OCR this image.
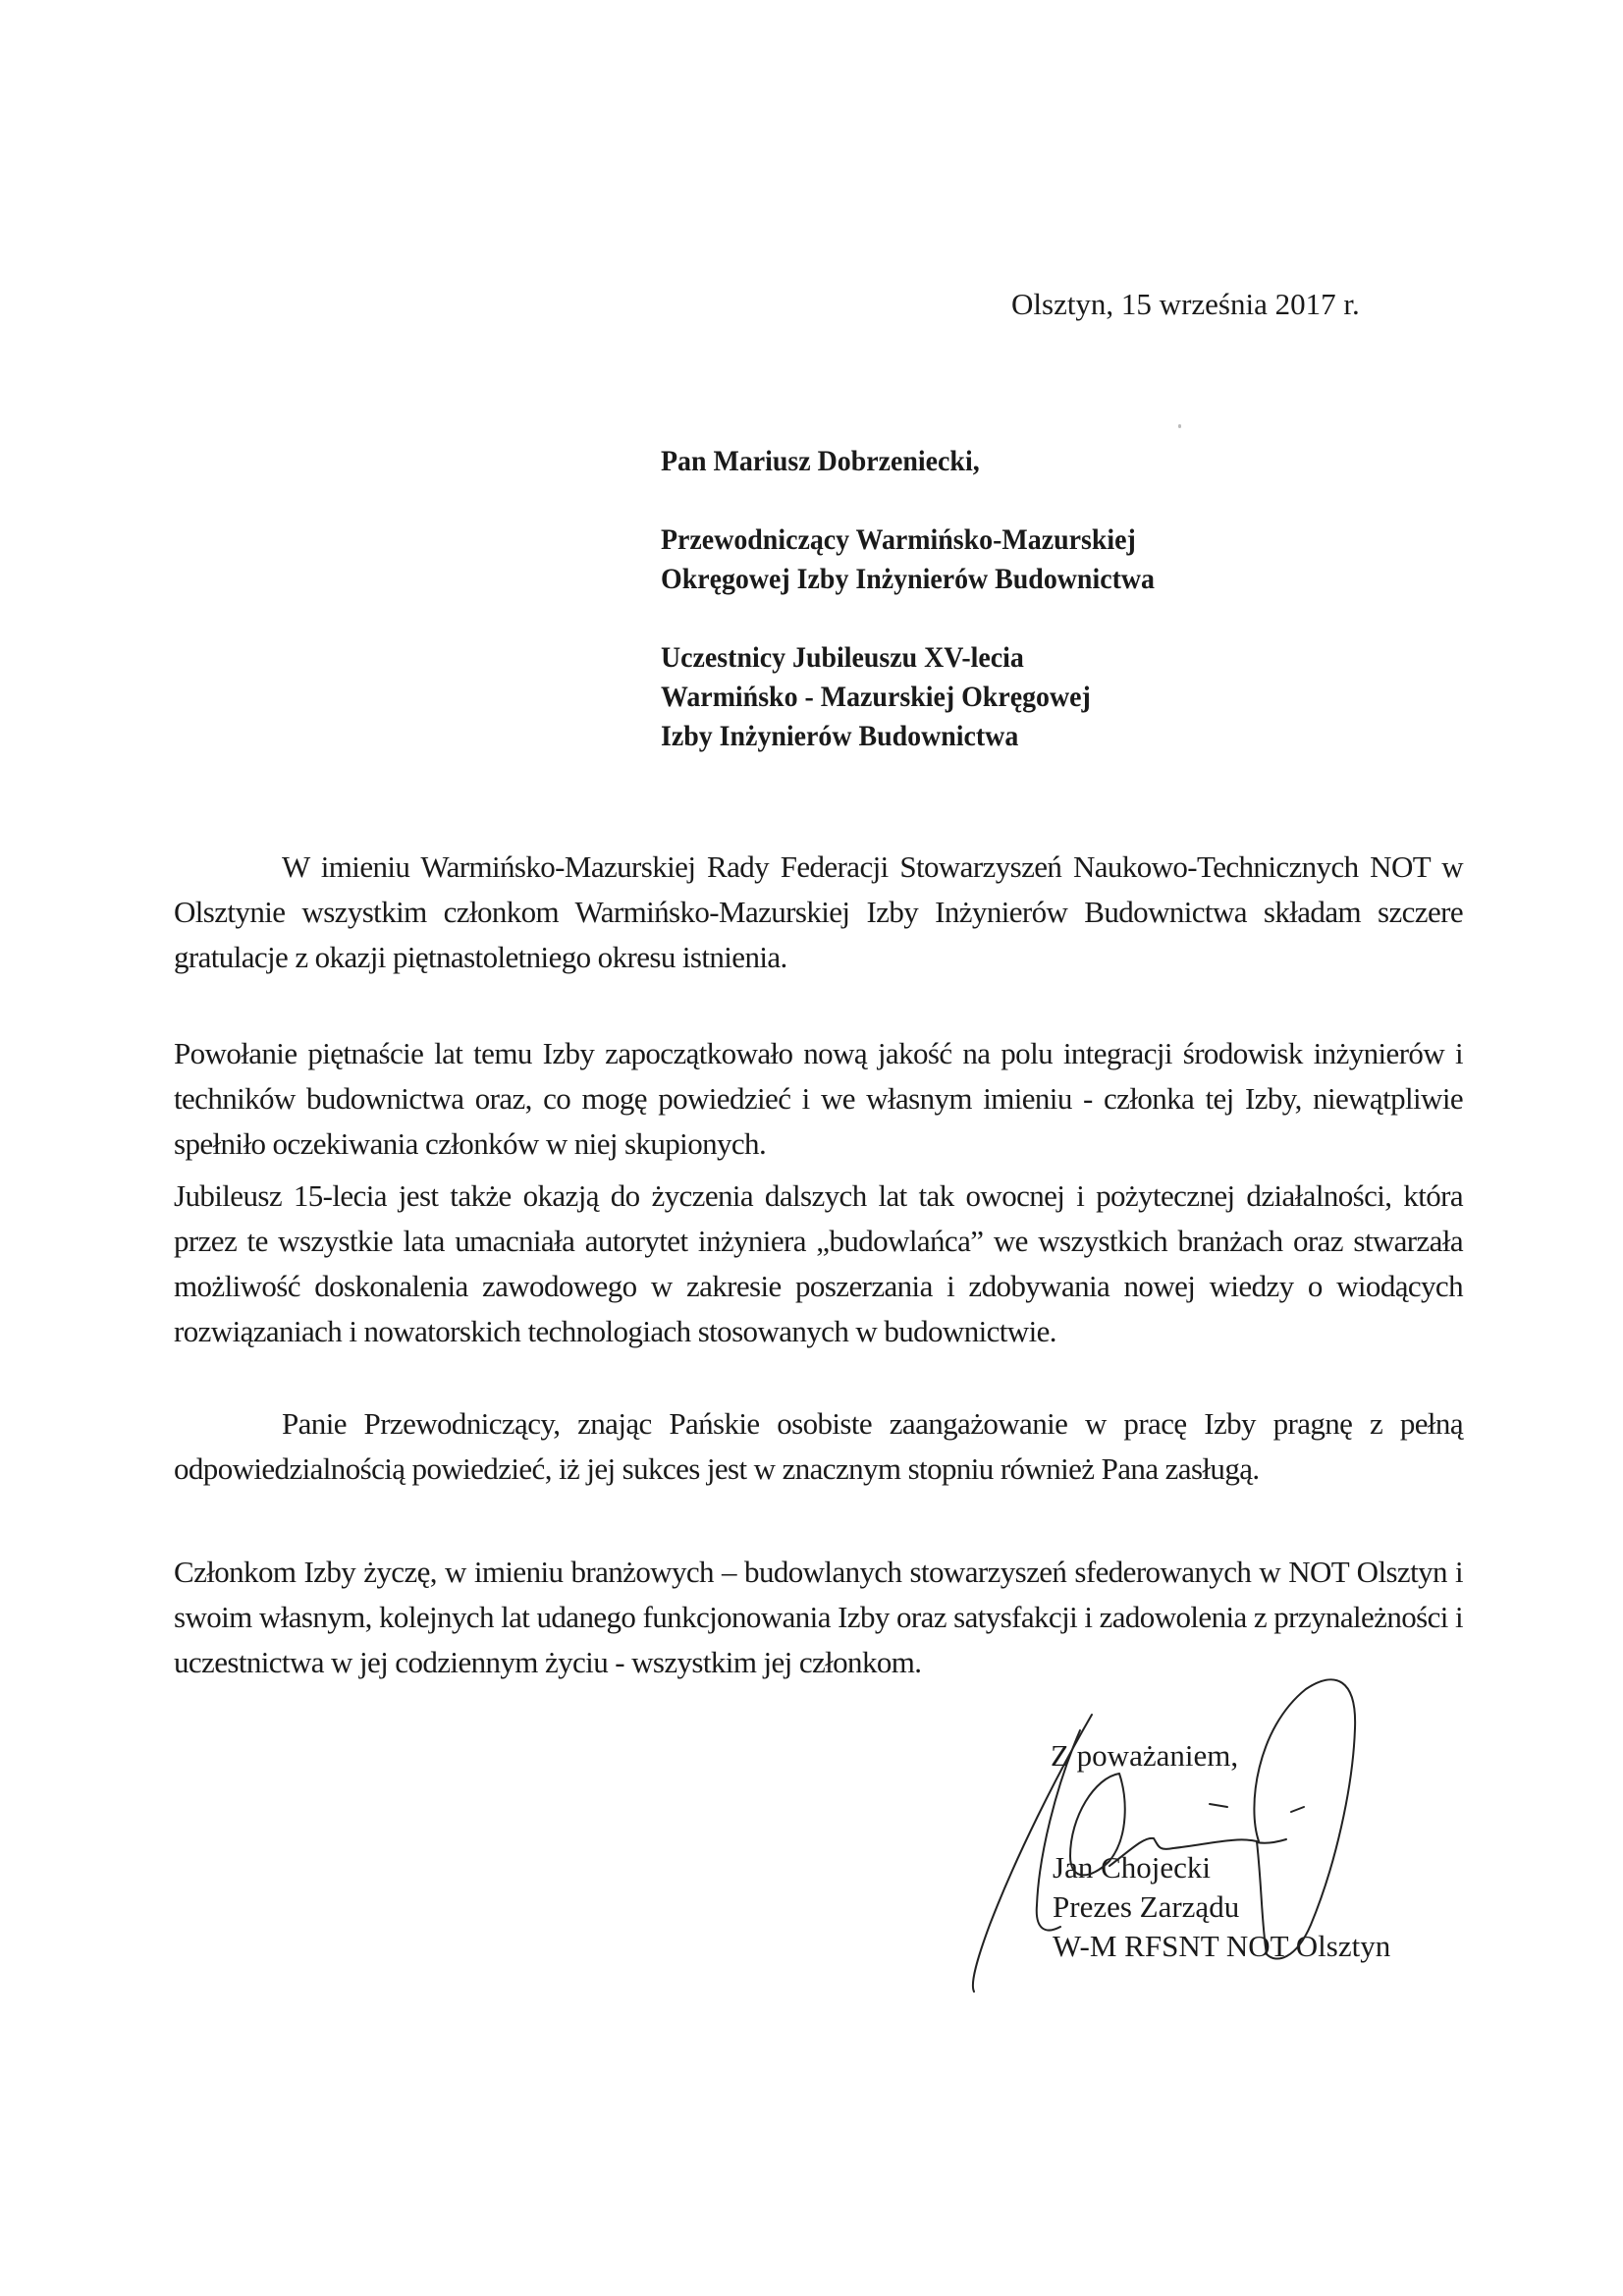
Olsztyn, 15 września 2017 r.
Pan Mariusz Dobrzeniecki,
Przewodniczący Warmińsko-Mazurskiej
Okręgowej Izby Inżynierów Budownictwa
Uczestnicy Jubileuszu XV-lecia
Warmińsko - Mazurskiej Okręgowej
Izby Inżynierów Budownictwa

W imieniu Warmińsko-Mazurskiej Rady Federacji Stowarzyszeń Naukowo-Technicznych NOT w Olsztynie wszystkim członkom Warmińsko-Mazurskiej Izby Inżynierów Budownictwa składam szczere gratulacje z okazji piętnastoletniego okresu istnienia.

Powołanie piętnaście lat temu Izby zapoczątkowało nową jakość na polu integracji środowisk inżynierów i techników budownictwa oraz, co mogę powiedzieć i we własnym imieniu - członka tej Izby, niewątpliwie spełniło oczekiwania członków w niej skupionych.

Jubileusz 15-lecia jest także okazją do życzenia dalszych lat tak owocnej i pożytecznej działalności, która przez te wszystkie lata umacniała autorytet inżyniera „budowlańca” we wszystkich branżach oraz stwarzała możliwość doskonalenia zawodowego w zakresie poszerzania i zdobywania nowej wiedzy o wiodących rozwiązaniach i nowatorskich technologiach stosowanych w budownictwie.

Panie Przewodniczący, znając Pańskie osobiste zaangażowanie w pracę Izby pragnę z pełną odpowiedzialnością powiedzieć, iż jej sukces jest w znacznym stopniu również Pana zasługą.

Członkom Izby życzę, w imieniu branżowych – budowlanych stowarzyszeń sfederowanych w NOT Olsztyn i swoim własnym, kolejnych lat udanego funkcjonowania Izby oraz satysfakcji i zadowolenia z przynależności i uczestnictwa w jej codziennym życiu - wszystkim jej członkom.

Z poważaniem,
Jan Chojecki
Prezes Zarządu
W-M RFSNT NOT Olsztyn
